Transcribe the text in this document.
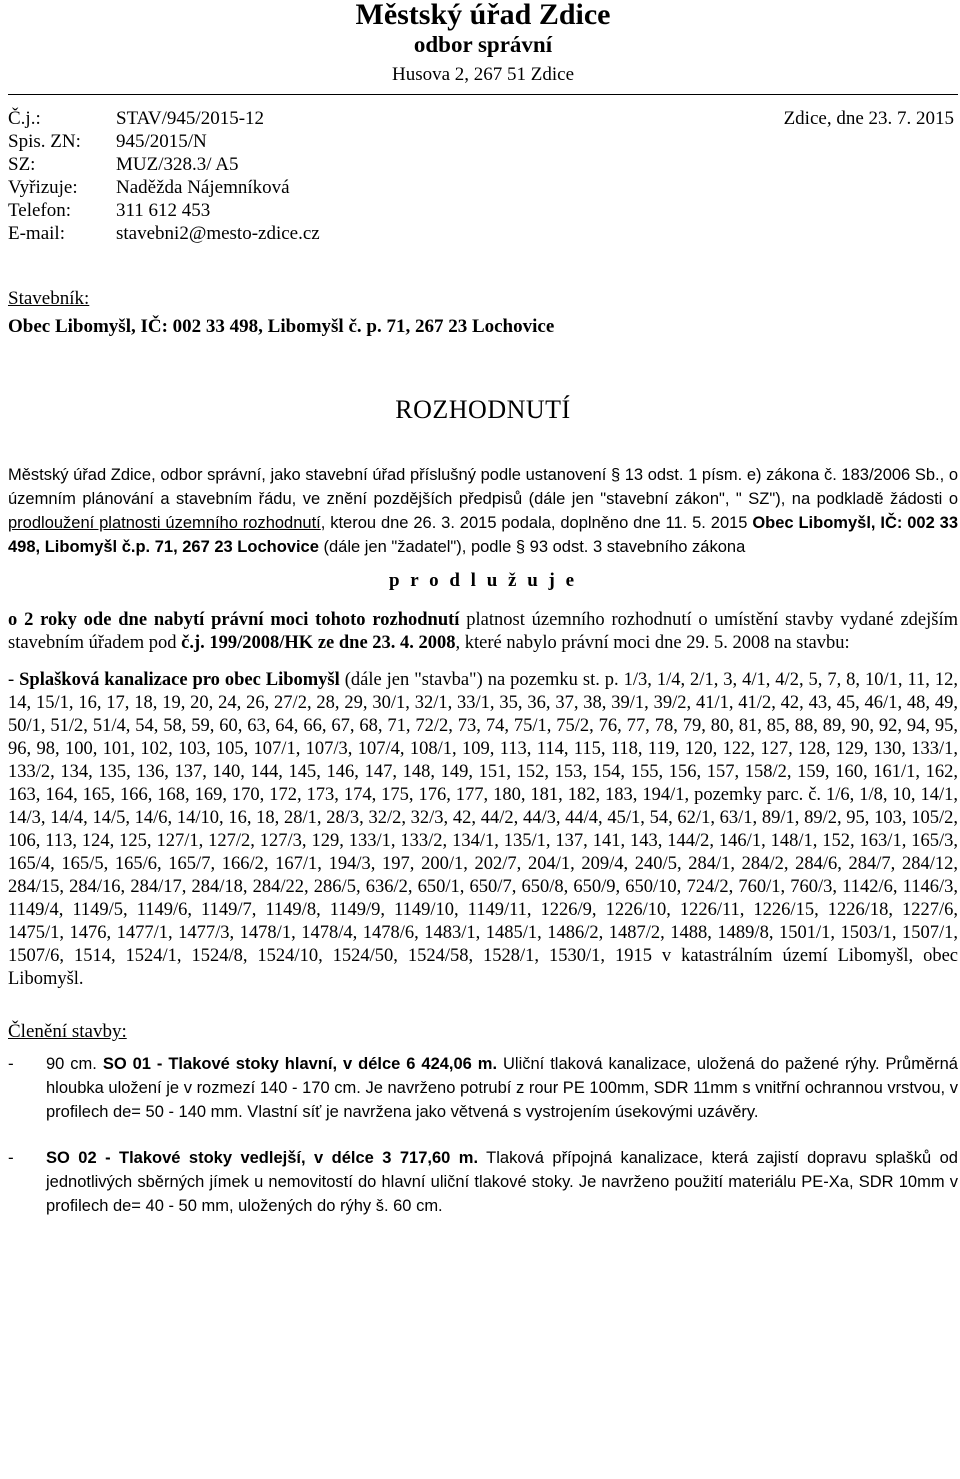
Městský úřad Zdice
odbor správní
Husova 2, 267 51 Zdice
Č.j.:	STAV/945/2015-12
Spis. ZN: 945/2015/N
SZ:	MUZ/328.3/ A5
Vyřizuje: Naděžda Nájemníková
Telefon: 311 612 453
E-mail:	stavebni2@mesto-zdice.cz
Zdice, dne 23. 7. 2015
Stavebník:
Obec Libomyšl, IČ: 002 33 498, Libomyšl č. p. 71, 267 23 Lochovice
ROZHODNUTÍ
Městský úřad Zdice, odbor správní, jako stavební úřad příslušný podle ustanovení § 13 odst. 1 písm. e) zákona č. 183/2006 Sb., o územním plánování a stavebním řádu, ve znění pozdějších předpisů (dále jen "stavební zákon", " SZ"), na podkladě žádosti o prodloužení platnosti územního rozhodnutí, kterou dne 26. 3. 2015 podala, doplněno dne 11. 5. 2015 Obec Libomyšl, IČ: 002 33 498, Libomyšl č.p. 71, 267 23 Lochovice (dále jen "žadatel"), podle § 93 odst. 3 stavebního zákona
p r o d l u ž u j e
o 2 roky ode dne nabytí právní moci tohoto rozhodnutí platnost územního rozhodnutí o umístění stavby vydané zdejším stavebním úřadem pod č.j. 199/2008/HK ze dne 23. 4. 2008, které nabylo právní moci dne 29. 5. 2008 na stavbu:
- Splašková kanalizace pro obec Libomyšl (dále jen "stavba") na pozemku st. p. 1/3, 1/4, 2/1, 3, 4/1, 4/2, 5, 7, 8, 10/1, 11, 12, 14, 15/1, 16, 17, 18, 19, 20, 24, 26, 27/2, 28, 29, 30/1, 32/1, 33/1, 35, 36, 37, 38, 39/1, 39/2, 41/1, 41/2, 42, 43, 45, 46/1, 48, 49, 50/1, 51/2, 51/4, 54, 58, 59, 60, 63, 64, 66, 67, 68, 71, 72/2, 73, 74, 75/1, 75/2, 76, 77, 78, 79, 80, 81, 85, 88, 89, 90, 92, 94, 95, 96, 98, 100, 101, 102, 103, 105, 107/1, 107/3, 107/4, 108/1, 109, 113, 114, 115, 118, 119, 120, 122, 127, 128, 129, 130, 133/1, 133/2, 134, 135, 136, 137, 140, 144, 145, 146, 147, 148, 149, 151, 152, 153, 154, 155, 156, 157, 158/2, 159, 160, 161/1, 162, 163, 164, 165, 166, 168, 169, 170, 172, 173, 174, 175, 176, 177, 180, 181, 182, 183, 194/1, pozemky parc. č. 1/6, 1/8, 10, 14/1, 14/3, 14/4, 14/5, 14/6, 14/10, 16, 18, 28/1, 28/3, 32/2, 32/3, 42, 44/2, 44/3, 44/4, 45/1, 54, 62/1, 63/1, 89/1, 89/2, 95, 103, 105/2, 106, 113, 124, 125, 127/1, 127/2, 127/3, 129, 133/1, 133/2, 134/1, 135/1, 137, 141, 143, 144/2, 146/1, 148/1, 152, 163/1, 165/3, 165/4, 165/5, 165/6, 165/7, 166/2, 167/1, 194/3, 197, 200/1, 202/7, 204/1, 209/4, 240/5, 284/1, 284/2, 284/6, 284/7, 284/12, 284/15, 284/16, 284/17, 284/18, 284/22, 286/5, 636/2, 650/1, 650/7, 650/8, 650/9, 650/10, 724/2, 760/1, 760/3, 1142/6, 1146/3, 1149/4, 1149/5, 1149/6, 1149/7, 1149/8, 1149/9, 1149/10, 1149/11, 1226/9, 1226/10, 1226/11, 1226/15, 1226/18, 1227/6, 1475/1, 1476, 1477/1, 1477/3, 1478/1, 1478/4, 1478/6, 1483/1, 1485/1, 1486/2, 1487/2, 1488, 1489/8, 1501/1, 1503/1, 1507/1, 1507/6, 1514, 1524/1, 1524/8, 1524/10, 1524/50, 1524/58, 1528/1, 1530/1, 1915 v katastrálním území Libomyšl, obec Libomyšl.
Členění stavby:
-	90 cm. SO 01 - Tlakové stoky hlavní, v délce 6 424,06 m. Uliční tlaková kanalizace, uložená do pažené rýhy. Průměrná hloubka uložení je v rozmezí 140 - 170 cm. Je navrženo potrubí z rour PE 100mm, SDR 11mm s vnitřní ochrannou vrstvou, v profilech de= 50 - 140 mm. Vlastní síť je navržena jako větvená s vystrojením úsekovými uzávěry.
-	SO 02 - Tlakové stoky vedlejší, v délce 3 717,60 m. Tlaková přípojná kanalizace, která zajistí dopravu splašků od jednotlivých sběrných jímek u nemovitostí do hlavní uliční tlakové stoky. Je navrženo použití materiálu PE-Xa, SDR 10mm v profilech de= 40 - 50 mm, uložených do rýhy š. 60 cm.
